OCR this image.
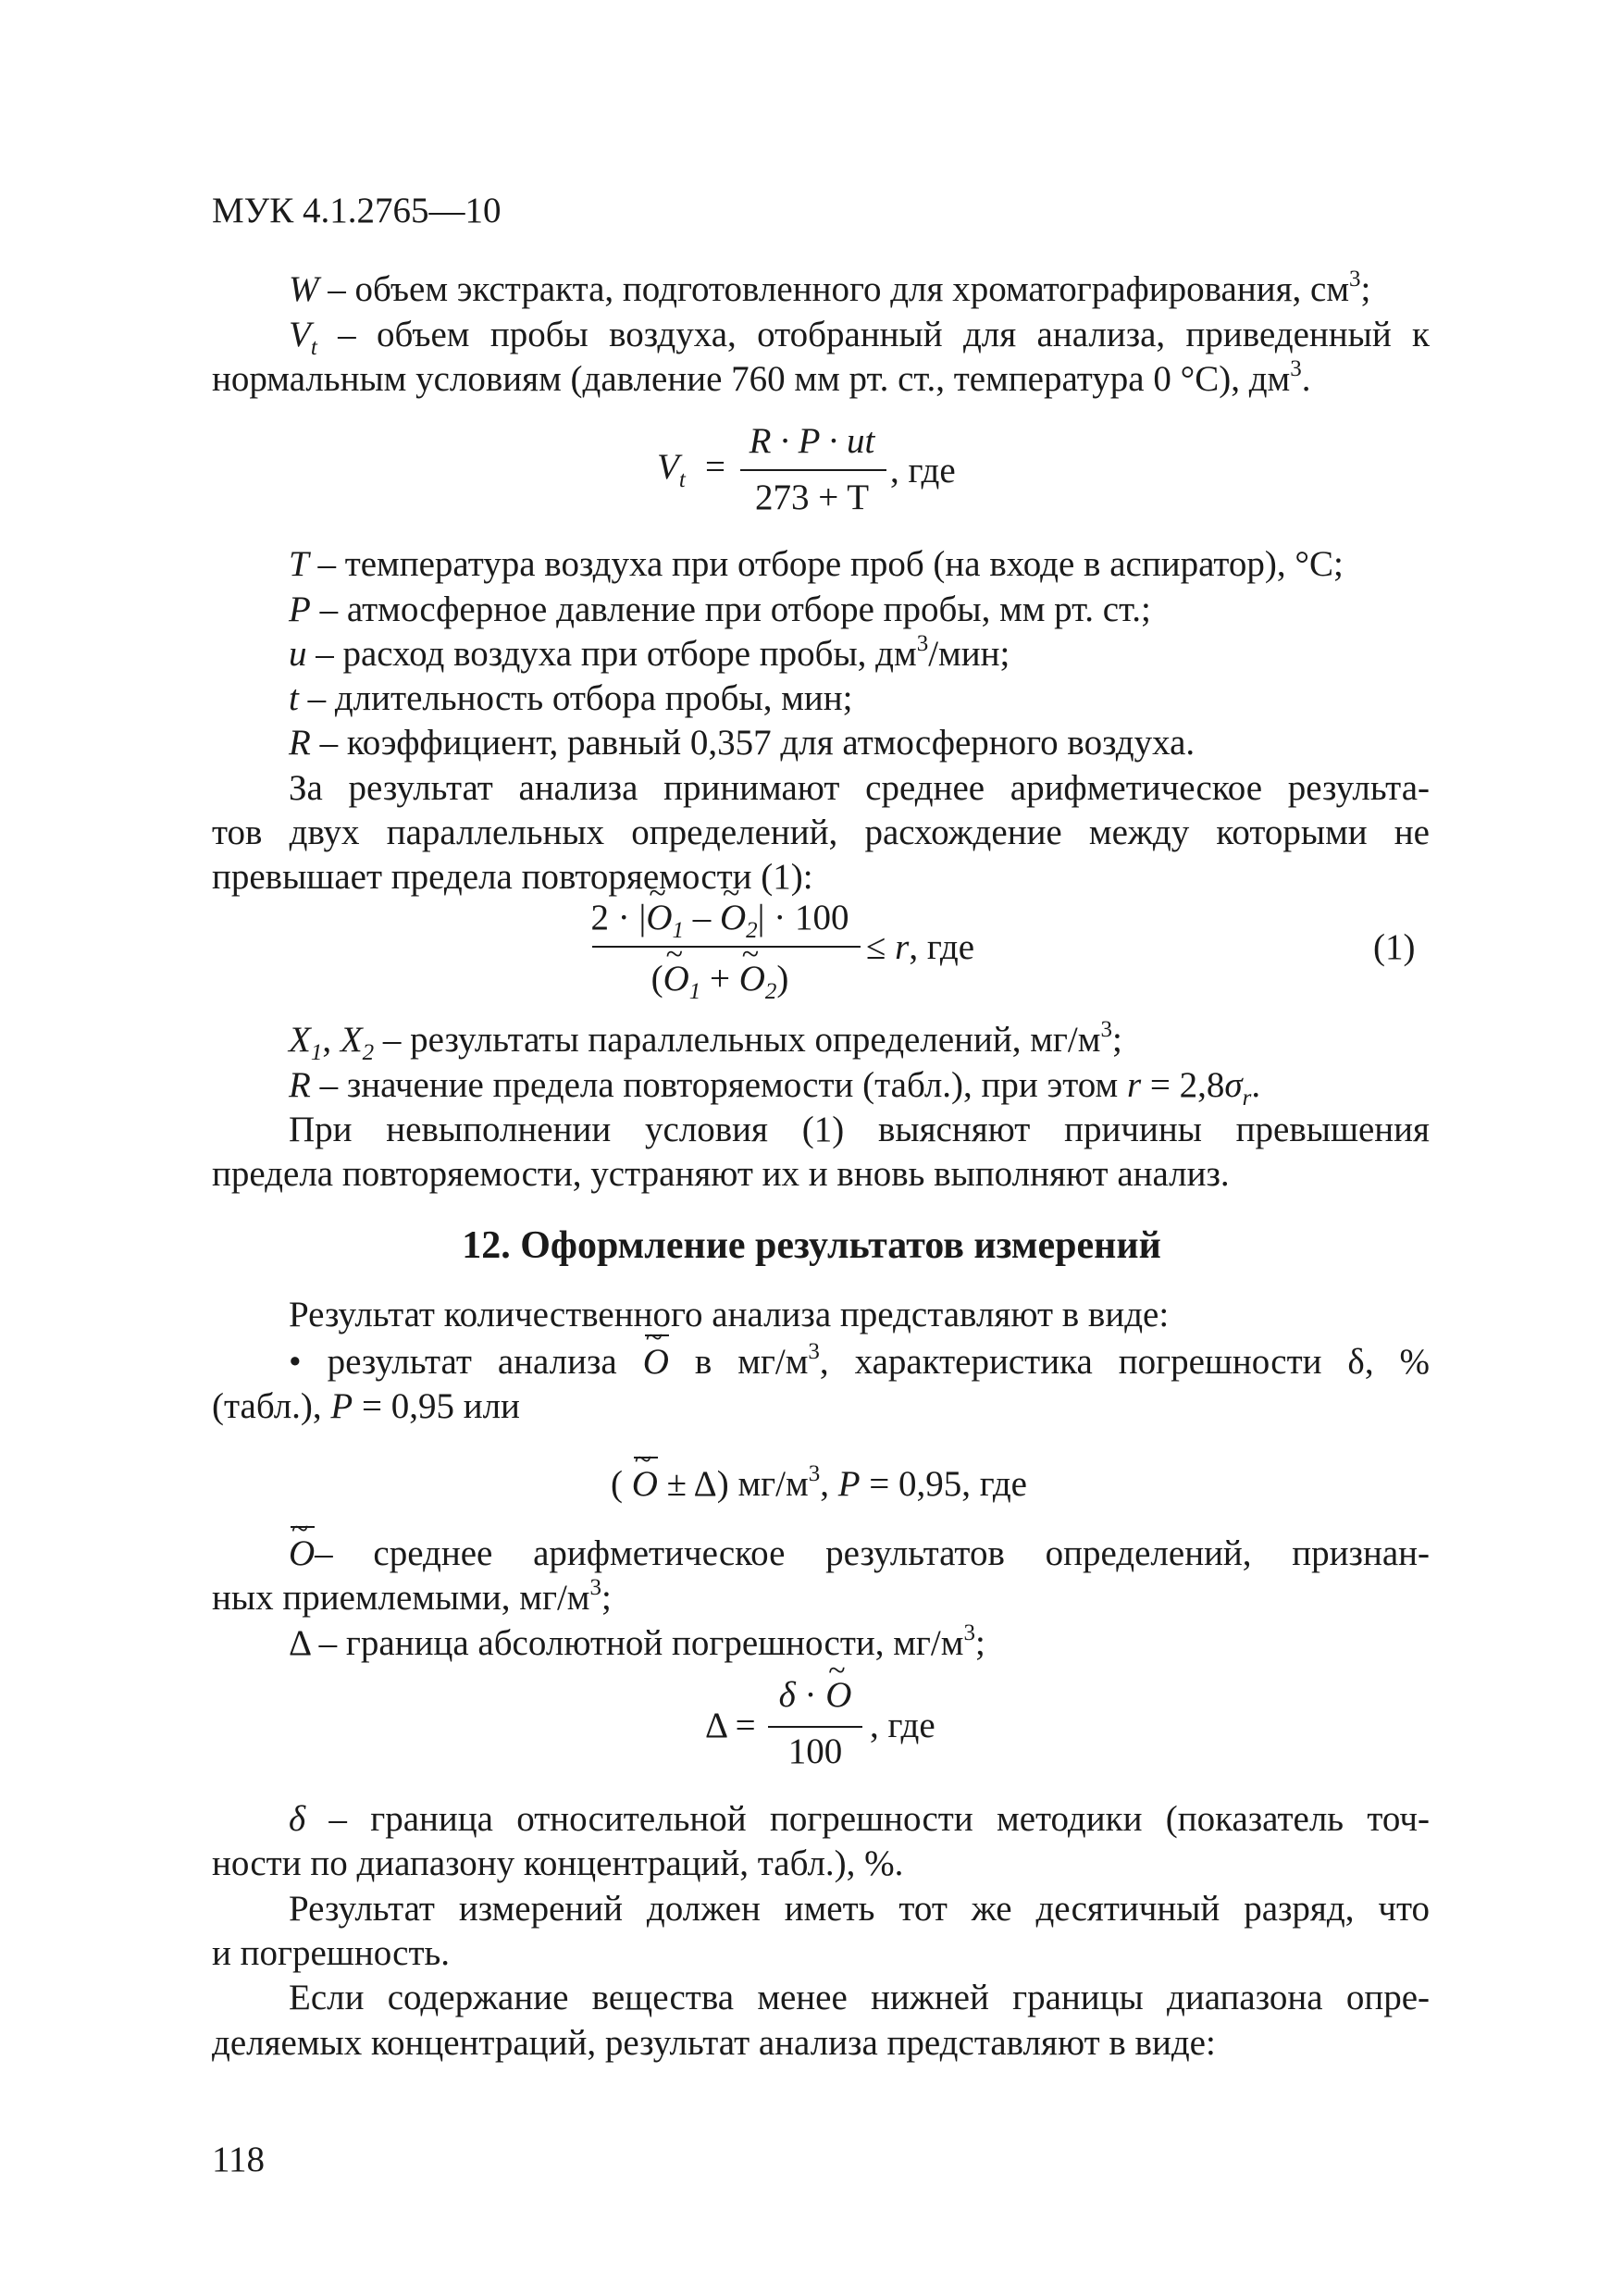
МУК 4.1.2765—10
W – объем экстракта, подготовленного для хроматографирования, $см^3$;
$V_t$ – объем пробы воздуха, отобранный для анализа, приведенный к
нормальным условиям (давление 760 мм рт. ст., температура 0 °С), $дм^3$.
$V_t$ =
R · P · ut
273 + T
, где
Т – температура воздуха при отборе проб (на входе в аспиратор), °С;
Р – атмосферное давление при отборе пробы, мм рт. ст.;
u – расход воздуха при отборе пробы, $дм^3$/мин;
t – длительность отбора пробы, мин;
R – коэффициент, равный 0,357 для атмосферного воздуха.
За результат анализа принимают среднее арифметическое результа-
тов двух параллельных определений, расхождение между которыми не
превышает предела повторяемости (1):
2 · |О $\sim_1$ – О $\sim_2| \cdot 100$
(О $\sim_1 + О$ $\sim_2$)
≤ r, где	(1)
$X_1$, $X_2$ – результаты параллельных определений, $мг/м^3$;
R – значение предела повторяемости (табл.), при этом $r = 2,8\sigma_r$.
При невыполнении условия (1) выясняют причины превышения
предела повторяемости, устраняют их и вновь выполняют анализ.
12. Оформление результатов измерений
Результат количественного анализа представляют в виде:
• результат анализа О ~ в $мг/м^3$, характеристика погрешности δ, %
(табл.), Р = 0,95 или
( О ~ ± Δ) $мг/м^3$, Р = 0,95, где
О ~– среднее арифметическое результатов определений, признан-
ных приемлемыми, $мг/м^3$;
Δ – граница абсолютной погрешности, $мг/м^3$;
Δ =
δ · О ~
100
, где
δ – граница относительной погрешности методики (показатель точ-
ности по диапазону концентраций, табл.), %.
Результат измерений должен иметь тот же десятичный разряд, что
и погрешность.
Если содержание вещества менее нижней границы диапазона опре-
деляемых концентраций, результат анализа представляют в виде:
118
